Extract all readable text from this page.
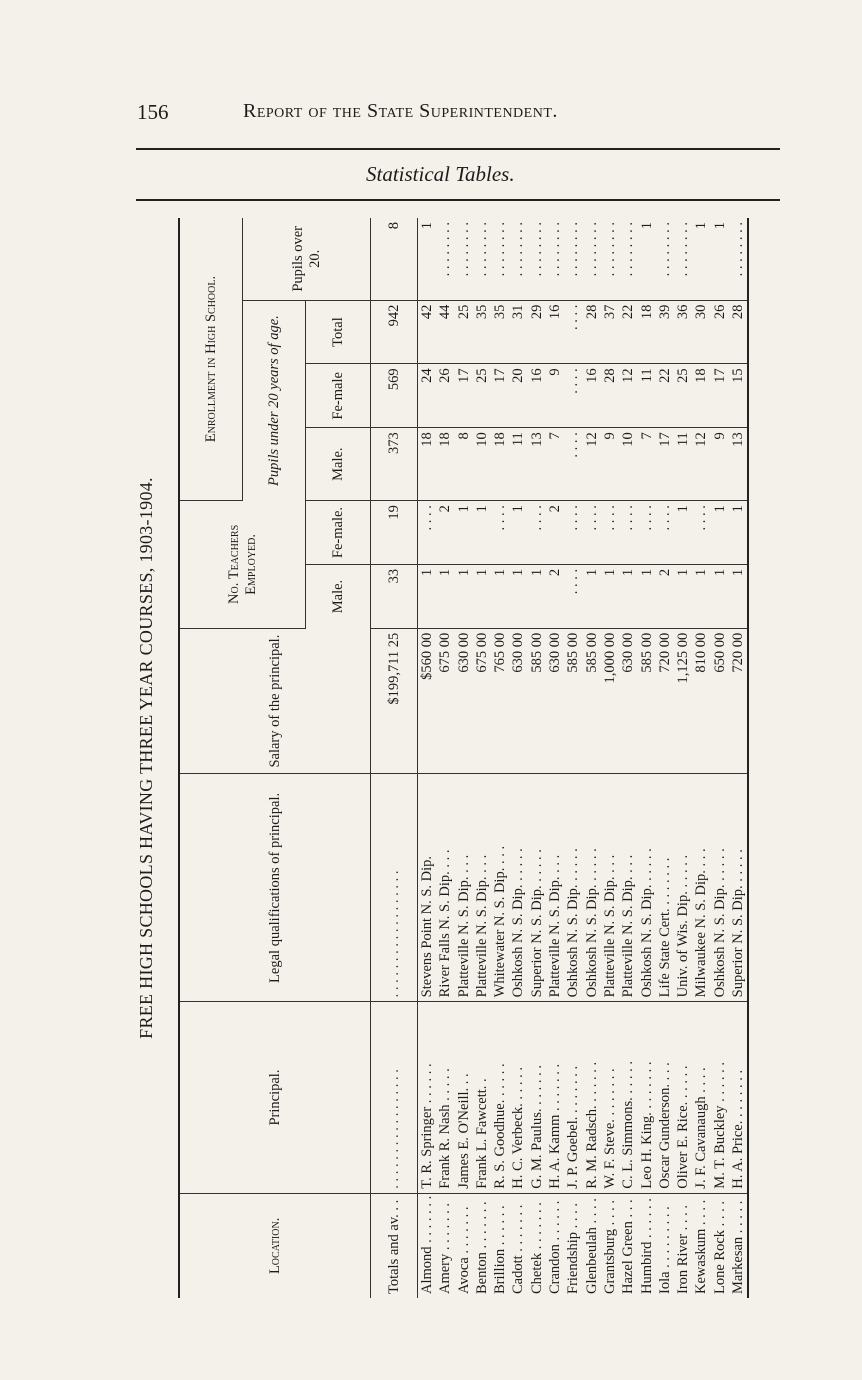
156	Report of the State Superintendent.
Statistical Tables.
FREE HIGH SCHOOLS HAVING THREE YEAR COURSES, 1903-1904.
Location.	Principal.	Legal qualifications of principal.	Salary of the principal.	No. Teachers Employed.		Enrollment in High School.			
						Pupils under 20 years of age.			Pupils over 20.
				Male.	Fe-male.	Male.	Fe-male	Total	
Totals and av. . .	. . . . . . . . . . . . . . . . .	. . . . . . . . . . . . . . . . . .	$199,711 25	33	19	373	569	942	8
Almond . . . . . . .	T. R. Springer . . . . . .	Stevens Point N. S. Dip.	$560 00	1	. . . .	18	24	42	1
Amery . . . . . . .	Frank R. Nash . . . . .	River Falls N. S. Dip. . . .	675 00	1	2	18	26	44	. . . . . . . .
Avoca . . . . . . .	James E. O'Neill. . .	Platteville N. S. Dip. . . .	630 00	1	1	8	17	25	. . . . . . . .
Benton . . . . . . .	Frank L. Fawcett. .	Platteville N. S. Dip. . . .	675 00	1	1	10	25	35	. . . . . . . .
Brillion . . . . . .	R. S. Goodhue. . . . . .	Whitewater N. S. Dip. . . .	765 00	1	. . . .	18	17	35	. . . . . . . .
Cadott . . . . . . .	H. C. Verbeck. . . . . .	Oshkosh N. S. Dip. . . . . .	630 00	1	1	11	20	31	. . . . . . . .
Chetek . . . . . . .	G. M. Paulus. . . . . . .	Superior N. S. Dip. . . . . .	585 00	1	. . . .	13	16	29	. . . . . . . .
Crandon . . . . . .	H. A. Kamm . . . . . . .	Platteville N. S. Dip. . . .	630 00	2	2	7	9	16	. . . . . . . .
Friendship . . . .	J. P. Goebel. . . . . . . .	Oshkosh N. S. Dip. . . . . .	585 00	. . . .	. . . .	. . . .	. . . .	. . . .	. . . . . . . .
Glenbeulah . . . .	R. M. Radsch. . . . . . .	Oshkosh N. S. Dip. . . . . .	585 00	1	. . . .	12	16	28	. . . . . . . .
Grantsburg . . . .	W. F. Steve. . . . . . . .	Platteville N. S. Dip. . . .	1,000 00	1	. . . .	9	28	37	. . . . . . . .
Hazel Green . . .	C. L. Simmons. . . . . .	Platteville N. S. Dip. . . .	630 00	1	. . . .	10	12	22	. . . . . . . .
Humbird . . . . . .	Leo H. King. . . . . . . .	Oshkosh N. S. Dip. . . . . .	585 00	1	. . . .	7	11	18	1
Iola . . . . . . . . .	Oscar Gunderson. . . .	Life State Cert. . . . . . . .	720 00	2	. . . .	17	22	39	. . . . . . . .
Iron River . . . .	Oliver E. Rice. . . . . .	Univ. of Wis. Dip. . . . . .	1,125 00	1	1	11	25	36	. . . . . . . .
Kewaskum . . . .	J. F. Cavanaugh . . . .	Milwaukee N. S. Dip. . . .	810 00	1	. . . .	12	18	30	1
Lone Rock . . . .	M. T. Buckley . . . . . .	Oshkosh N. S. Dip. . . . . .	650 00	1	1	9	17	26	1
Markesan . . . . .	H. A. Price. . . . . . . .	Superior N. S. Dip. . . . . .	720 00	1	1	13	15	28	. . . . . . . .
